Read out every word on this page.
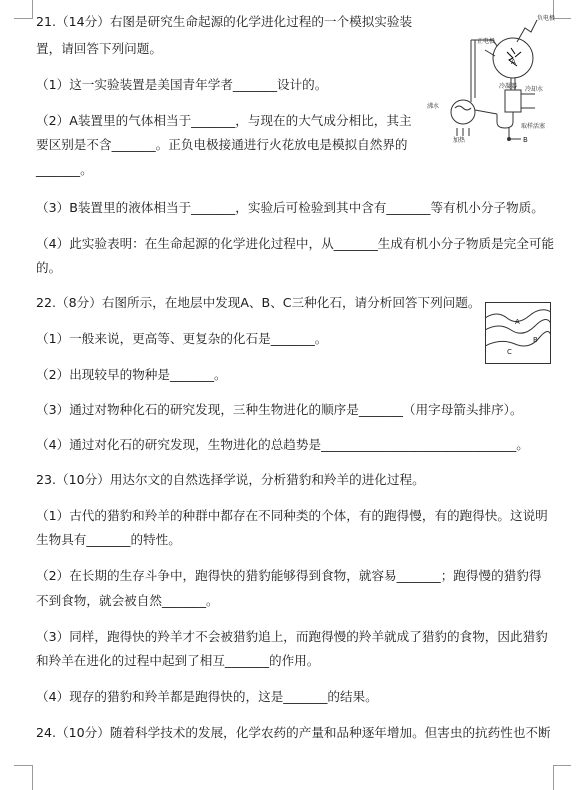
21.（14分）右图是研究生命起源的化学进化过程的一个模拟实验装
置，请回答下列问题。
（1）这一实验装置是美国青年学者_______设计的。
（2）A装置里的气体相当于_______，与现在的大气成分相比，其主
要区别是不含_______。正负电极接通进行火花放电是模拟自然界的
_______。
（3）B装置里的液体相当于_______，实验后可检验到其中含有_______等有机小分子物质。
（4）此实验表明：在生命起源的化学进化过程中，从_______生成有机小分子物质是完全可能
的。
负电极
正电极
A
冷凝器 冷却水
沸水
加热
取样活塞
B
22.（8分）右图所示，在地层中发现A、B、C三种化石，请分析回答下列问题。
（1）一般来说，更高等、更复杂的化石是_______。
（2）出现较早的物种是_______。
（3）通过对物种化石的研究发现，三种生物进化的顺序是_______（用字母箭头排序）。
（4）通过对化石的研究发现，生物进化的总趋势是_______________________________。
A
B
C
23.（10分）用达尔文的自然选择学说，分析猎豹和羚羊的进化过程。
（1）古代的猎豹和羚羊的种群中都存在不同种类的个体，有的跑得慢，有的跑得快。这说明
生物具有_______的特性。
（2）在长期的生存斗争中，跑得快的猎豹能够得到食物，就容易_______；跑得慢的猎豹得
不到食物，就会被自然_______。
（3）同样，跑得快的羚羊才不会被猎豹追上，而跑得慢的羚羊就成了猎豹的食物，因此猎豹
和羚羊在进化的过程中起到了相互_______的作用。
（4）现存的猎豹和羚羊都是跑得快的，这是_______的结果。
24.（10分）随着科学技术的发展，化学农药的产量和品种逐年增加。但害虫的抗药性也不断
